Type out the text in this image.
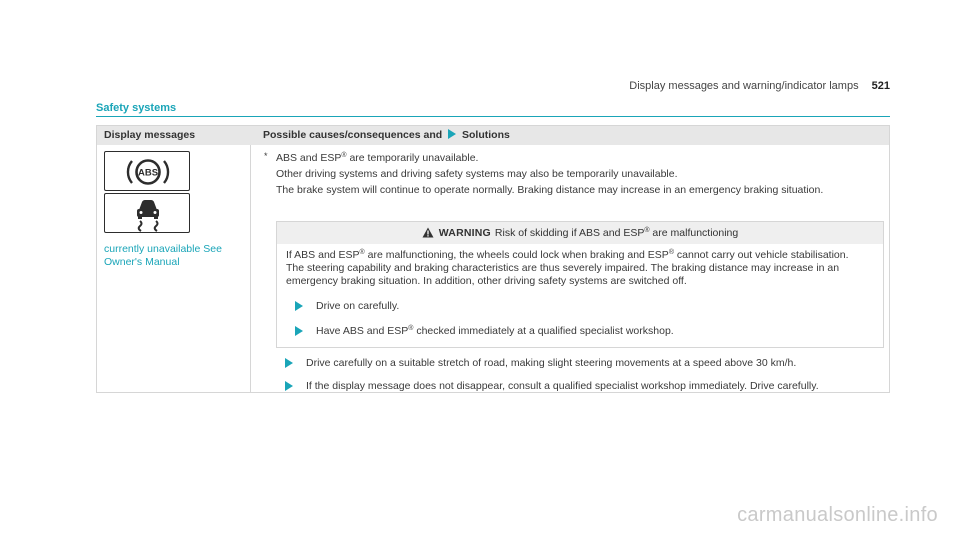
Display messages and warning/indicator lamps 521
Safety systems
Display messages	Possible causes/consequences and Solutions
ABS
currently unavailable See Owner's Manual
* ABS and ESP® are temporarily unavailable.
Other driving systems and driving safety systems may also be temporarily unavailable.
The brake system will continue to operate normally. Braking distance may increase in an emergency braking situation.
WARNING Risk of skidding if ABS and ESP® are malfunctioning

If ABS and ESP® are malfunctioning, the wheels could lock when braking and ESP® cannot carry out vehicle stabilisation.

The steering capability and braking characteristics are thus severely impaired. The braking distance may increase in an emergency braking situation. In addition, other driving safety systems are switched off.

Drive on carefully.
Have ABS and ESP® checked immediately at a qualified specialist workshop.
Drive carefully on a suitable stretch of road, making slight steering movements at a speed above 30 km/h.
If the display message does not disappear, consult a qualified specialist workshop immediately. Drive carefully.
carmanualsonline.info
